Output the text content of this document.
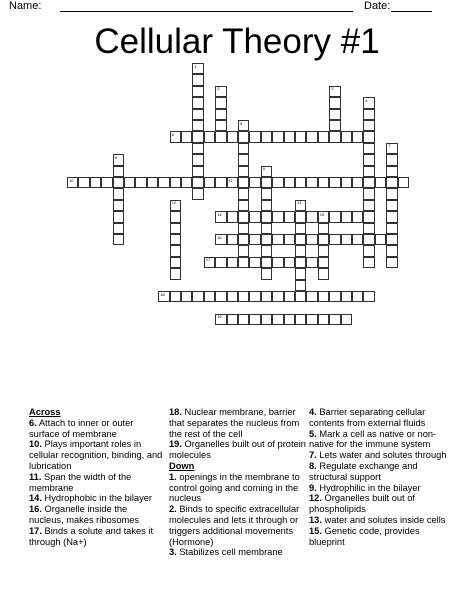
Name:	Date:
Cellular Theory #1
1
2	3
4
5
6
7
8
9
10	11
12	13
14	15
16
17
18
19

Across

6. Attach to inner or outer surface of membrane

10. Plays important roles in cellular recognition, binding, and lubrication

11. Span the width of the membrane

14. Hydrophobic in the bilayer

16. Organelle inside the nucleus, makes ribosomes

17. Binds a solute and takes it through (Na+)

18. Nuclear membrane, barrier that separates the nucleus from the rest of the cell

19. Organelles built out of protein molecules

Down

1. openings in the membrane to control going and coming in the nucleus

2. Binds to specific extracellular molecules and lets it through or triggers additional movements (Hormone)

3. Stabilizes cell membrane

4. Barrier separating cellular contents from external fluids

5. Mark a cell as native or non-native for the immune system

7. Lets water and solutes through

8. Regulate exchange and structural support

9. Hydrophilic in the bilayer

12. Organelles built out of phospholipids

13. water and solutes inside cells

15. Genetic code, provides blueprint
